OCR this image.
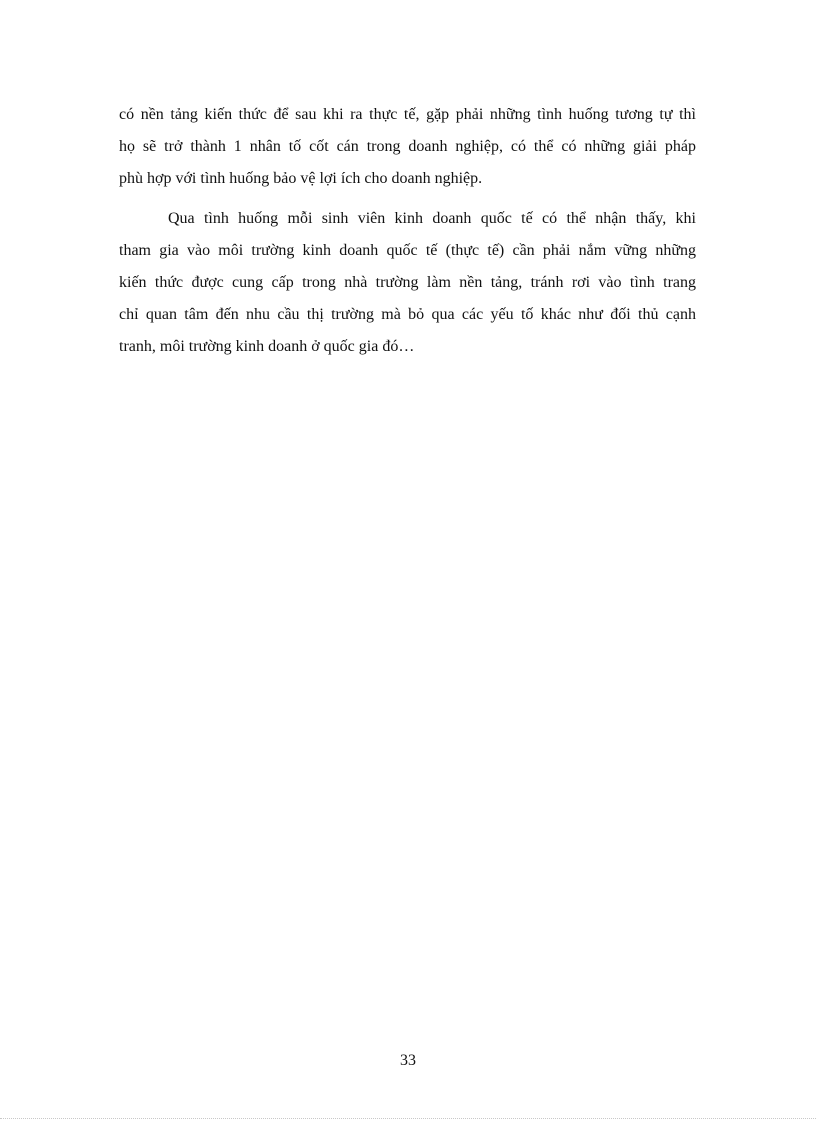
có nền tảng kiến thức để sau khi ra thực tế, gặp phải những tình huống tương tự thì
họ sẽ trở thành 1 nhân tố cốt cán trong doanh nghiệp, có thể có những giải pháp
phù hợp với tình huống bảo vệ lợi ích cho doanh nghiệp.
Qua tình huống mỗi sinh viên kinh doanh quốc tế có thể nhận thấy, khi
tham gia vào môi trường kinh doanh quốc tế (thực tế) cần phải nắm vững những
kiến thức được cung cấp trong nhà trường làm nền tảng, tránh rơi vào tình trang
chỉ quan tâm đến nhu cầu thị trường mà bỏ qua các yếu tố khác như đối thủ cạnh
tranh, môi trường kinh doanh ở quốc gia đó…
33
